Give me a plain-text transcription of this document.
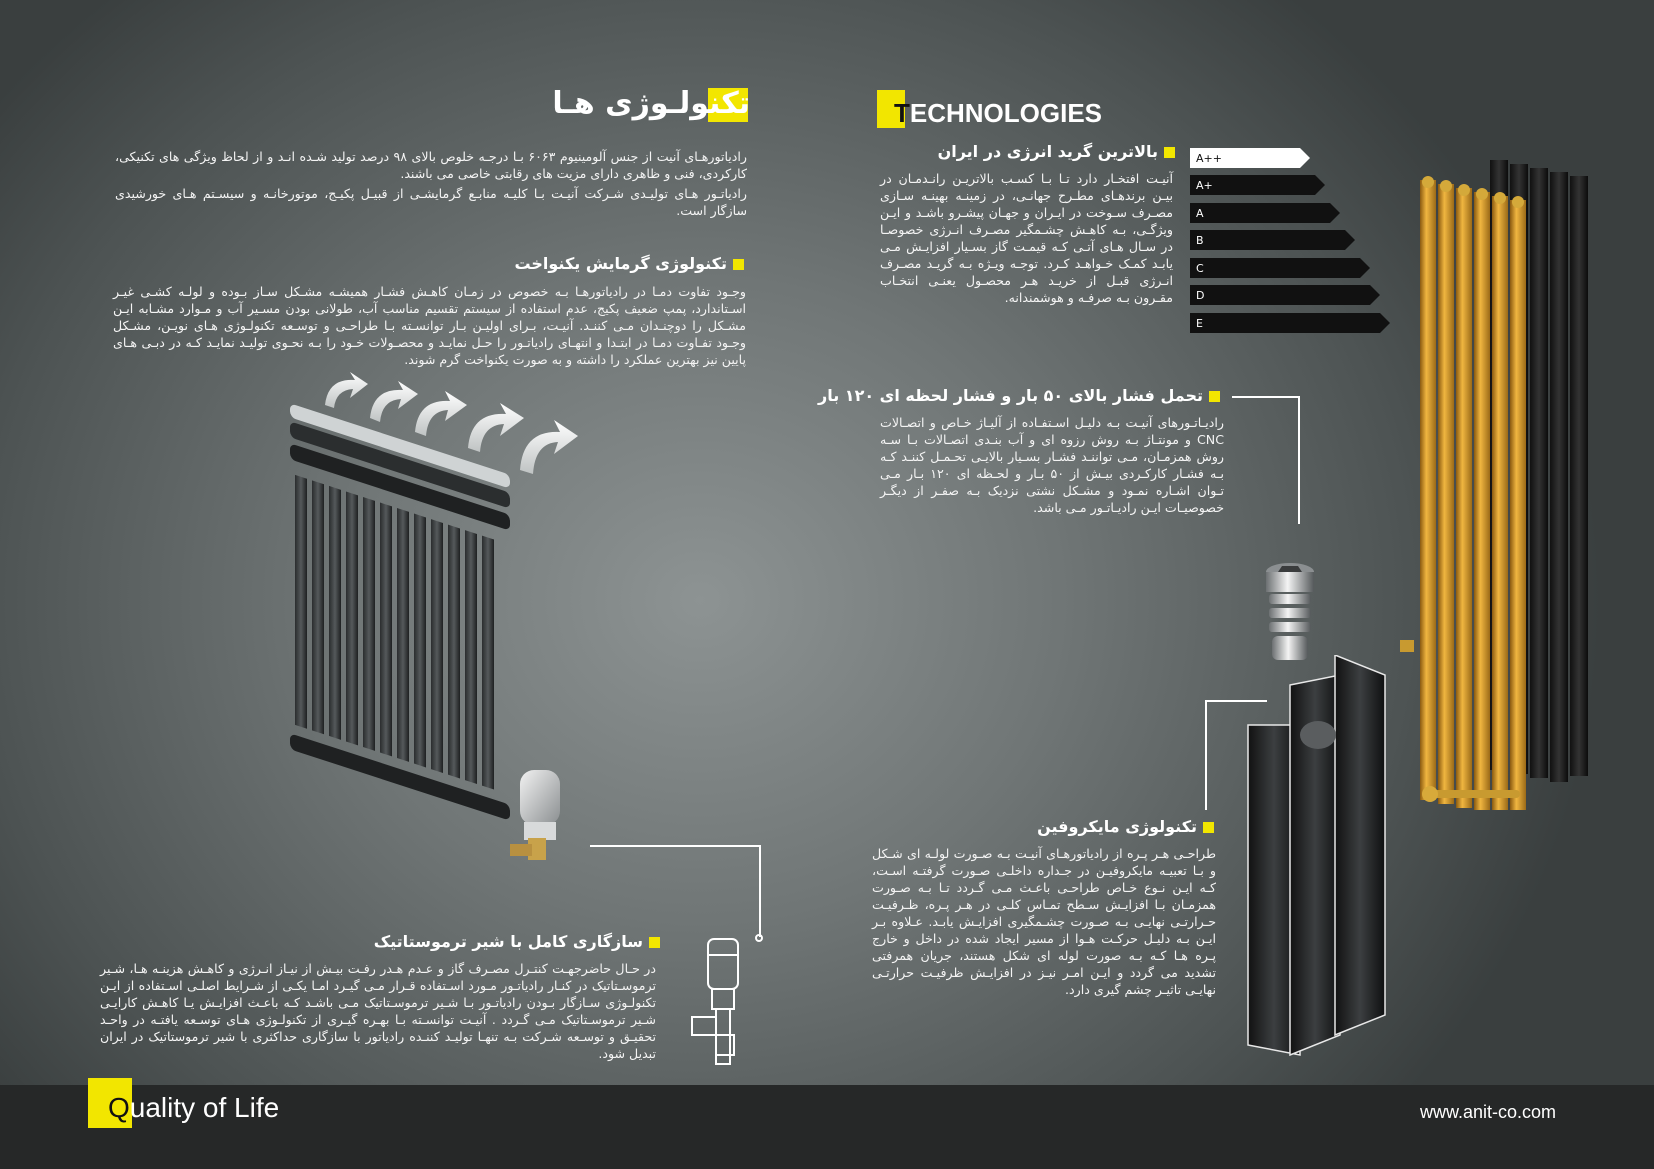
تکنولـوژی هـا

رادیاتورهـای آنیت از جنس آلومینیوم ۶۰۶۳ بـا درجـه خلوص بالای ۹۸ درصد تولید شـده انـد و از لحاظ ویژگی های تکنیکی، کارکردی، فنی و ظاهری دارای مزیت های رقابتی خاصی می باشند.

رادیاتـور هـای تولیـدی شـرکت آنیـت بـا کلیـه منابـع گرمایشـی از قبیـل پکیـج، موتورخانـه و سیسـتم هـای خورشیدی سازگار است.

تکنولوژی گرمایش یکنواخت
وجـود تفاوت دمـا در رادیاتورهـا بـه خصوص در زمـان کاهـش فشـار همیشـه مشـکل سـاز بـوده و لولـه کشـی غیـر اسـتاندارد، پمپ ضعیف پکیج، عدم استفاده از سیستم تقسیم مناسب آب، طولانی بودن مسـیر آب و مـوارد مشـابه ایـن مشـکل را دوچنـدان مـی کننـد. آنیـت، بـرای اولیـن بـار توانسـته بـا طراحـی و توسـعه تکنولـوژی هـای نویـن، مشـکل وجـود تفـاوت دمـا در ابتـدا و انتهـای رادیاتـور را حـل نمایـد و محصـولات خـود را بـه نحـوی تولیـد نمایـد کـه در دبـی هـای پایین نیز بهترین عملکرد را داشته و به صورت یکنواخت گرم شوند.
سازگاری کامل با شیر ترموستاتیک
در حـال حاضرجهـت کنتـرل مصـرف گاز و عـدم هـدر رفـت بیـش از نیـاز انـرژی و کاهـش هزینـه هـا، شـیر ترموسـتاتیک در کنـار رادیاتـور مـورد اسـتفاده قـرار مـی گیـرد امـا یکـی از شـرایط اصلـی اسـتفاده از ایـن تکنولـوژی سـازگار بـودن رادیاتـور بـا شـیر ترموسـتاتیک مـی باشـد کـه باعـث افزایـش یـا کاهـش کارایـی شـیر ترموسـتاتیک مـی گـردد . آنیـت توانسـته بـا بهـره گیـری از تکنولـوژی هـای توسـعه یافتـه در واحـد تحقیـق و توسـعه شـرکت بـه تنهـا تولیـد کننـده رادیاتور با سازگاری حداکثری با شیر ترموستاتیک در ایران تبدیل شود.
TECHNOLOGIES
بالاترین گرید انرژی در ایران
آنیـت افتخـار دارد تـا بـا کسـب بالاتریـن رانـدمـان در بیـن برندهـای مطـرح جهانـی، در زمینـه بهینـه سـازی مصـرف سـوخت در ایـران و جهـان پیشـرو باشـد و ایـن ویژگـی، بـه کاهـش چشـمگیر مصـرف انـرژی خصوصـا در سـال هـای آتـی کـه قیمـت گاز بسـیار افزایـش مـی یابـد کمـک خـواهـد کـرد. توجـه ویـژه بـه گریـد مصـرف انـرژی قبـل از خریـد هـر محصـول یعنـی انتخـاب مقـرون بـه صرفـه و هوشمندانه.
A++
A+
A
B
C
D
E
تحمل فشار بالای ۵۰ بار و فشار لحظه ای ۱۲۰ بار
رادیـاتـورهای آنیـت بـه دلیـل اسـتفـاده از آلیـاژ خـاص و اتصـالات CNC و مونتـاژ بـه روش رزوه ای و آب بنـدی اتصـالات بـا سـه روش همزمـان، مـی تواننـد فشـار بسـیار بالایـی تحـمـل کننـد کـه بـه فشـار کارکـردی بیـش از ۵۰ بـار و لحـظه ای ۱۲۰ بـار مـی تـوان اشـاره نمـود و مشـکل نشتی نزدیک بـه صفـر از دیگـر خصوصیـات ایـن رادیـاتـور مـی باشد.
تکنولوژی مایکروفین
طراحـی هـر پـره از رادیاتورهـای آنیـت بـه صـورت لولـه ای شـکل و بـا تعبیـه مایکروفیـن در جـداره داخلـی صـورت گرفتـه اسـت، کـه ایـن نـوع خـاص طراحـی باعـث مـی گـردد تـا بـه صـورت همزمـان بـا افزایـش سـطح تمـاس کلـی در هـر پـره، ظـرفیـت حـرارتـی نهایـی بـه صـورت چشـمگیری افزایـش یابـد. عـلاوه بـر ایـن بـه دلیـل حرکـت هـوا از مسیر ایجاد شده در داخل و خارج پـره هـا کـه بـه صورت لوله ای شکل هستند، جریان همرفتی تشدید می گردد و ایـن امـر نیـز در افزایـش ظرفیـت حرارتـی نهایـی تاثیـر چشم گیری دارد.
Quality of Life	www.anit-co.com
